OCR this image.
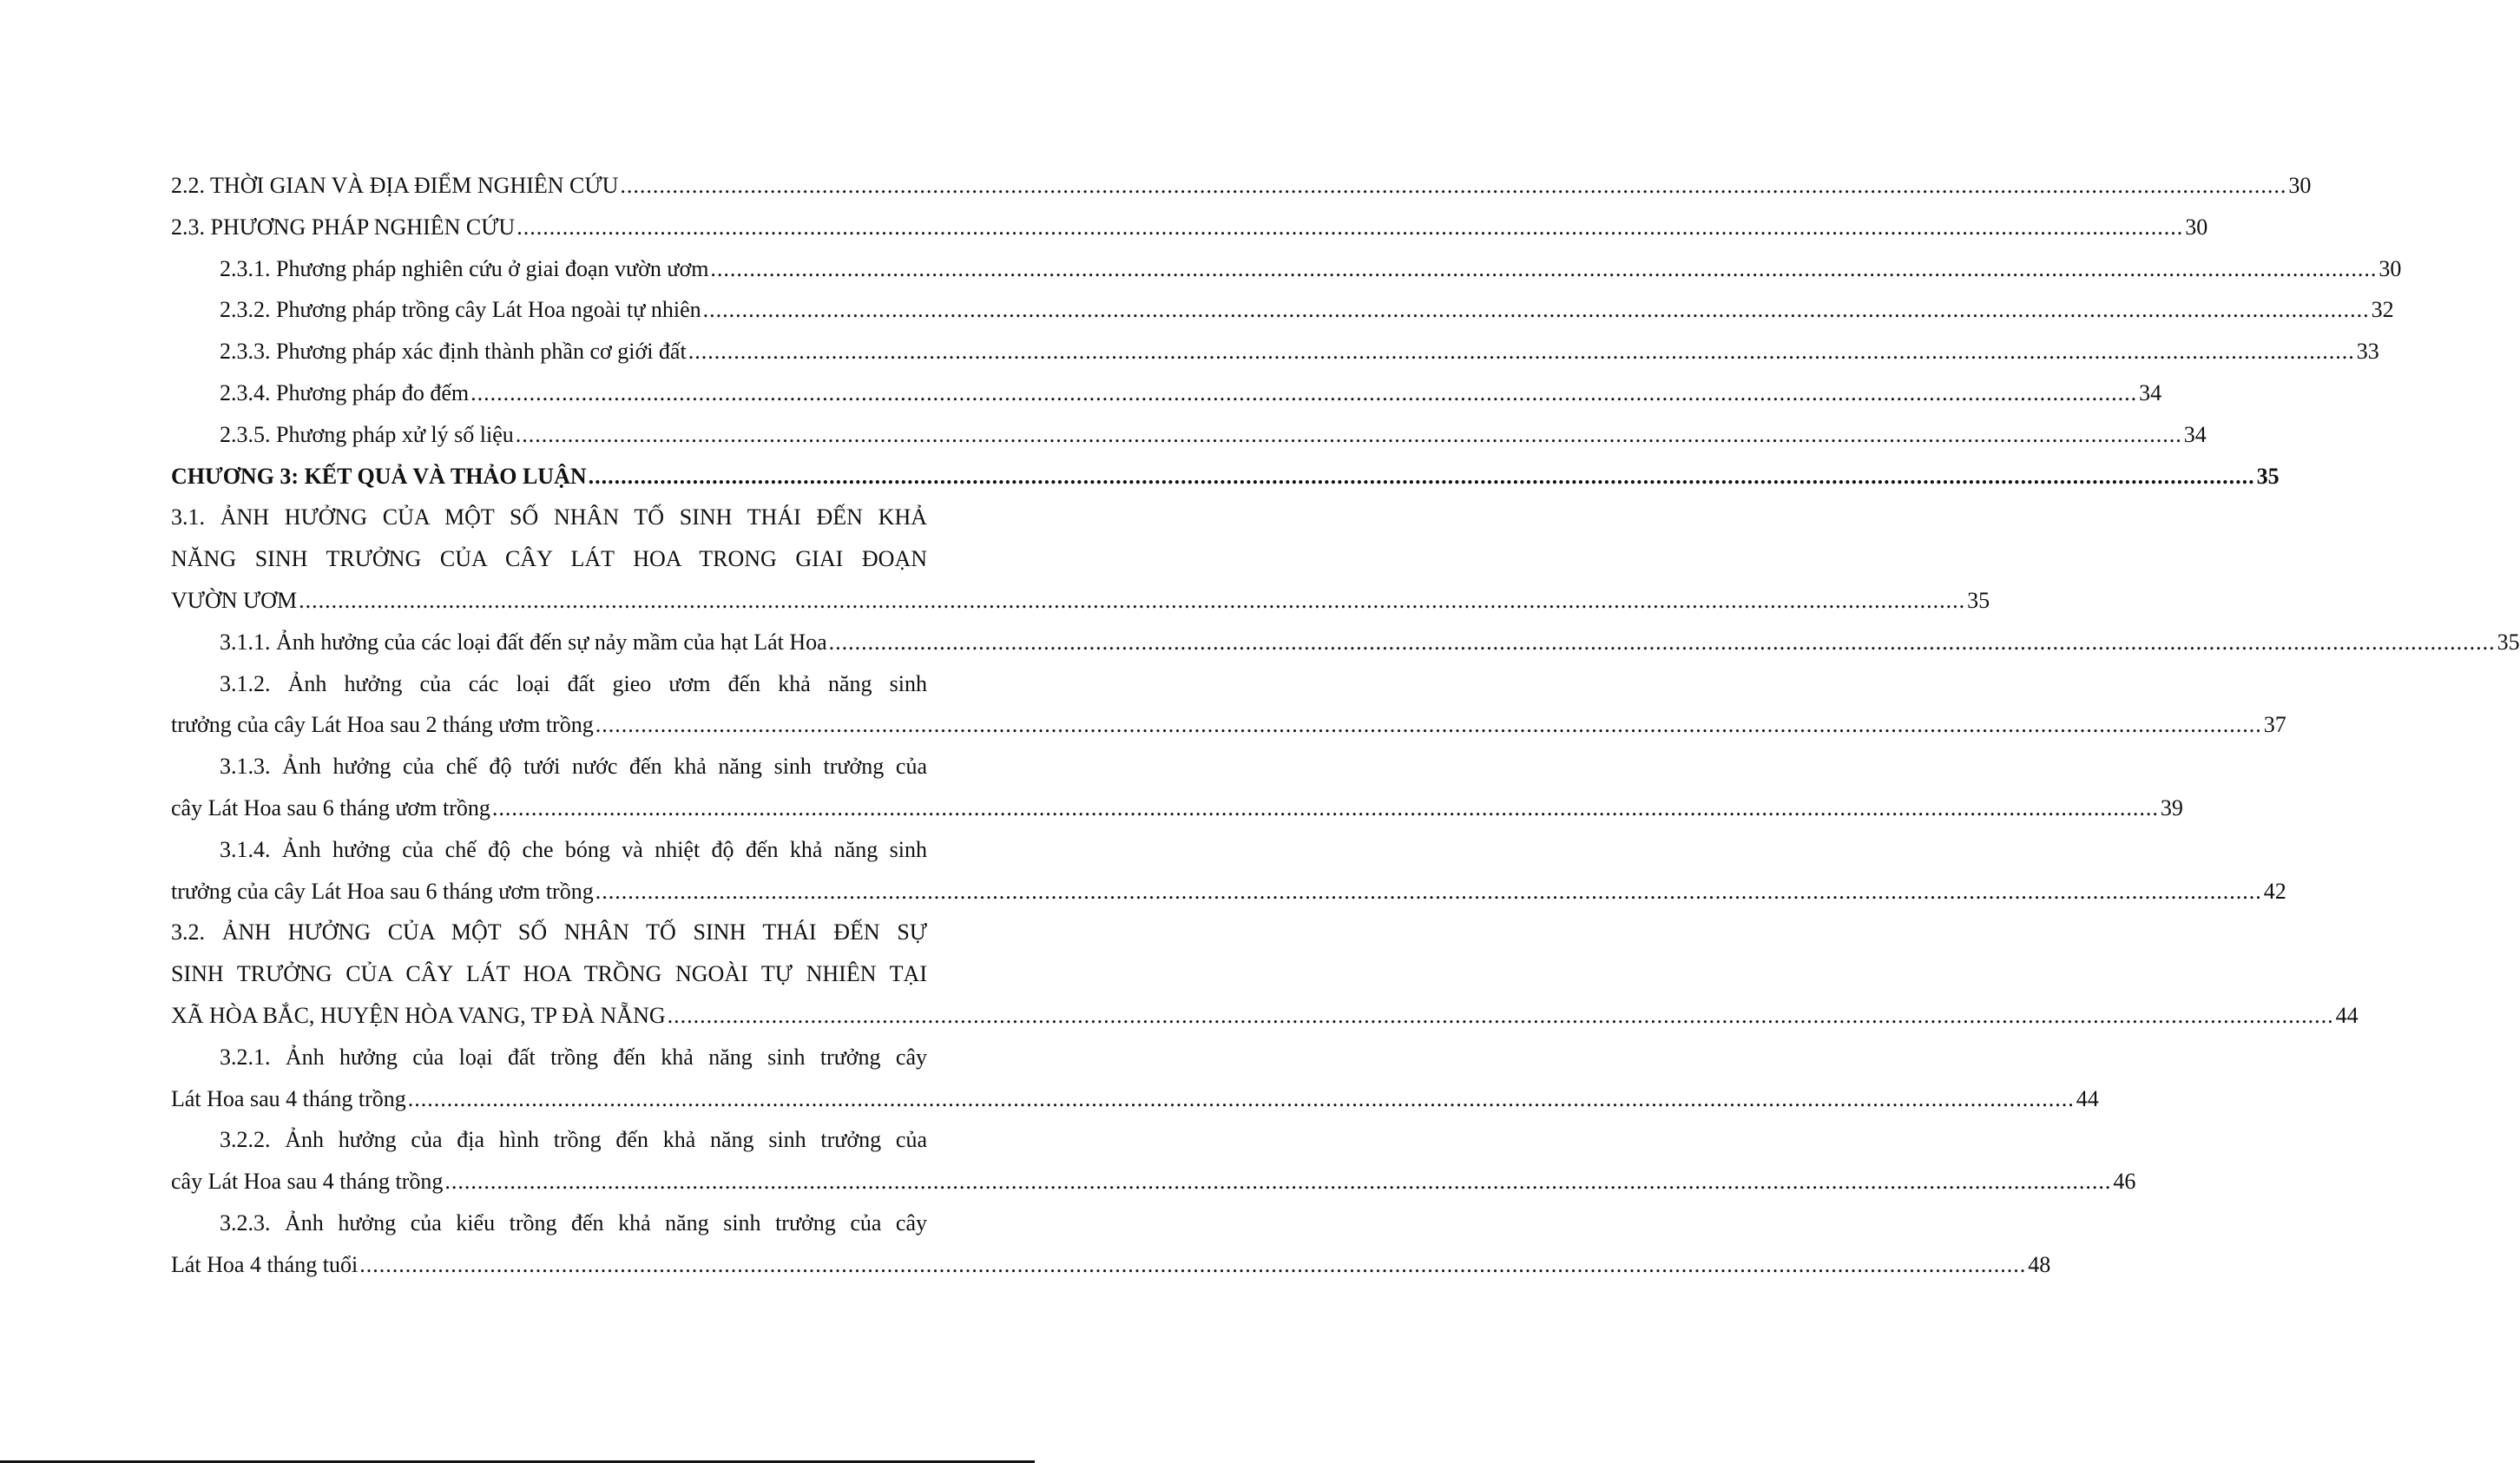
2.2. THỜI GIAN VÀ ĐỊA ĐIỂM NGHIÊN CỨU .....	30
2.3. PHƯƠNG PHÁP NGHIÊN CỨU .....	30
2.3.1. Phương pháp nghiên cứu ở giai đoạn vườn ươm .....	30
2.3.2. Phương pháp trồng cây Lát Hoa ngoài tự nhiên .....	32
2.3.3. Phương pháp xác định thành phần cơ giới đất .....	33
2.3.4. Phương pháp đo đếm .....	34
2.3.5. Phương pháp xử lý số liệu .....	34
CHƯƠNG 3: KẾT QUẢ VÀ THẢO LUẬN .....	35
3.1. ẢNH HƯỞNG CỦA MỘT SỐ NHÂN TỐ SINH THÁI ĐẾN KHẢ
NĂNG SINH TRƯỞNG CỦA CÂY LÁT HOA TRONG GIAI ĐOẠN
VƯỜN ƯƠM .....	35
3.1.1. Ảnh hưởng của các loại đất đến sự nảy mầm của hạt Lát Hoa .....	35
3.1.2. Ảnh hưởng của các loại đất gieo ươm đến khả năng sinh
trưởng của cây Lát Hoa sau 2 tháng ươm trồng .....	37
3.1.3. Ảnh hưởng của chế độ tưới nước đến khả năng sinh trưởng của
cây Lát Hoa sau 6 tháng ươm trồng .....	39
3.1.4. Ảnh hưởng của chế độ che bóng và nhiệt độ đến khả năng sinh
trưởng của cây Lát Hoa sau 6 tháng ươm trồng .....	42
3.2. ẢNH HƯỞNG CỦA MỘT SỐ NHÂN TỐ SINH THÁI ĐẾN SỰ
SINH TRƯỞNG CỦA CÂY LÁT HOA TRỒNG NGOÀI TỰ NHIÊN TẠI
XÃ HÒA BẮC, HUYỆN HÒA VANG, TP ĐÀ NẴNG .....	44
3.2.1. Ảnh hưởng của loại đất trồng đến khả năng sinh trưởng cây
Lát Hoa sau 4 tháng trồng .....	44
3.2.2. Ảnh hưởng của địa hình trồng đến khả năng sinh trưởng của
cây Lát Hoa sau 4 tháng trồng .....	46
3.2.3. Ảnh hưởng của kiểu trồng đến khả năng sinh trưởng của cây
Lát Hoa 4 tháng tuổi .....	48
